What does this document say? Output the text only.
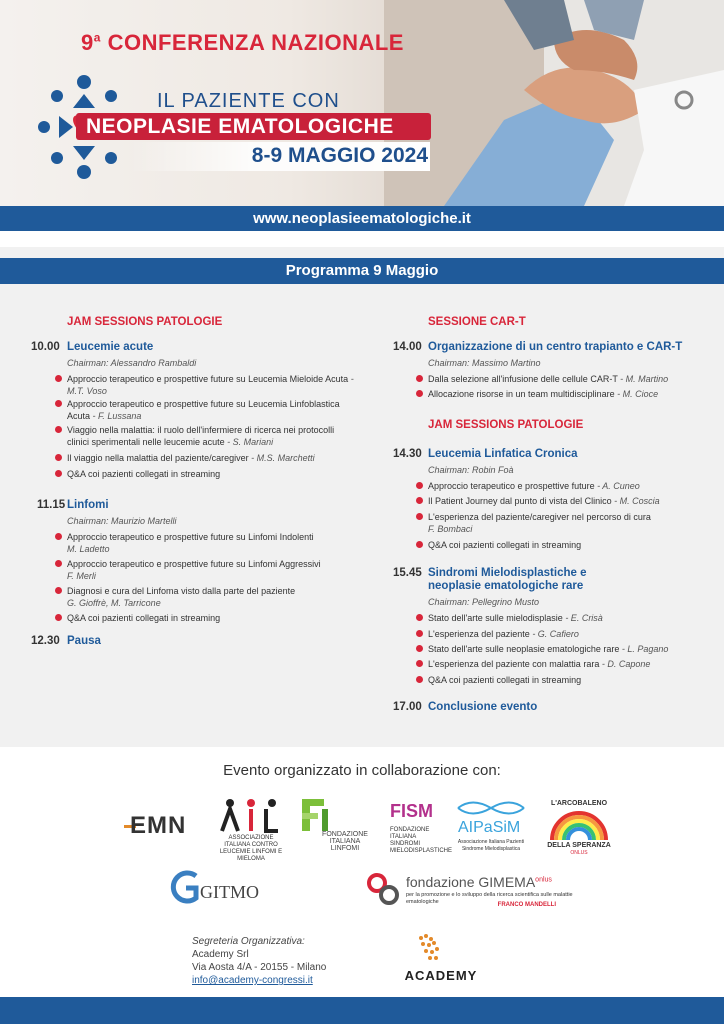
9$^a$ CONFERENZA NAZIONALE
IL PAZIENTE CON
NEOPLASIE EMATOLOGICHE
8-9 MAGGIO 2024
www.neoplasieematologiche.it
Programma 9 Maggio
JAM SESSIONS PATOLOGIE
10.00 Leucemie acute
Chairman: Alessandro Rambaldi
Approccio terapeutico e prospettive future su Leucemia Mieloide Acuta - M.T. Voso
Approccio terapeutico e prospettive future su Leucemia Linfoblastica Acuta - F. Lussana
Viaggio nella malattia: il ruolo dell'infermiere di ricerca nei protocolli clinici sperimentali nelle leucemie acute - S. Mariani
Il viaggio nella malattia del paziente/caregiver - M.S. Marchetti
Q&A coi pazienti collegati in streaming
11.15 Linfomi
Chairman: Maurizio Martelli
Approccio terapeutico e prospettive future su Linfomi Indolenti
M. Ladetto
Approccio terapeutico e prospettive future su Linfomi Aggressivi
F. Merli
Diagnosi e cura del Linfoma visto dalla parte del paziente
G. Gioffrè, M. Tarricone
Q&A coi pazienti collegati in streaming
12.30 Pausa
SESSIONE CAR-T
14.00 Organizzazione di un centro trapianto e CAR-T
Chairman: Massimo Martino
Dalla selezione all'infusione delle cellule CAR-T - M. Martino
Allocazione risorse in un team multidisciplinare - M. Cioce
JAM SESSIONS PATOLOGIE
14.30 Leucemia Linfatica Cronica
Chairman: Robin Foà
Approccio terapeutico e prospettive future - A. Cuneo
Il Patient Journey dal punto di vista del Clinico - M. Coscia
L'esperienza del paziente/caregiver nel percorso di cura
F. Bombaci
Q&A coi pazienti collegati in streaming
15.45 Sindromi Mielodisplastiche e
neoplasie ematologiche rare
Chairman: Pellegrino Musto
Stato dell'arte sulle mielodisplasie - E. Crisà
L'esperienza del paziente - G. Cafiero
Stato dell'arte sulle neoplasie ematologiche rare - L. Pagano
L'esperienza del paziente con malattia rara - D. Capone
Q&A coi pazienti collegati in streaming
17.00 Conclusione evento
Evento organizzato in collaborazione con:
EMN	ASSOCIAZIONE ITALIANA CONTRO LEUCEMIE LINFOMI E MIELOMA
FONDAZIONE ITALIANA LINFOMI
FISM
FONDAZIONE ITALIANA SINDROMI MIELODISPLASTICHE
AIPaSiM
Associazione Italiana Pazienti Sindrome Mielodisplastica
L'ARCOBALENO
DELLA SPERANZA
ONLUS
GITMO	fondazione $GIMEMA^{onlus}$
per la promozione e lo sviluppo della ricerca scientifica sulle malattie ematologiche	FRANCO MANDELLI
Segreteria Organizzativa:
Academy Srl
Via Aosta 4/A - 20155 - Milano
info@academy-congressi.it	ACADEMY
